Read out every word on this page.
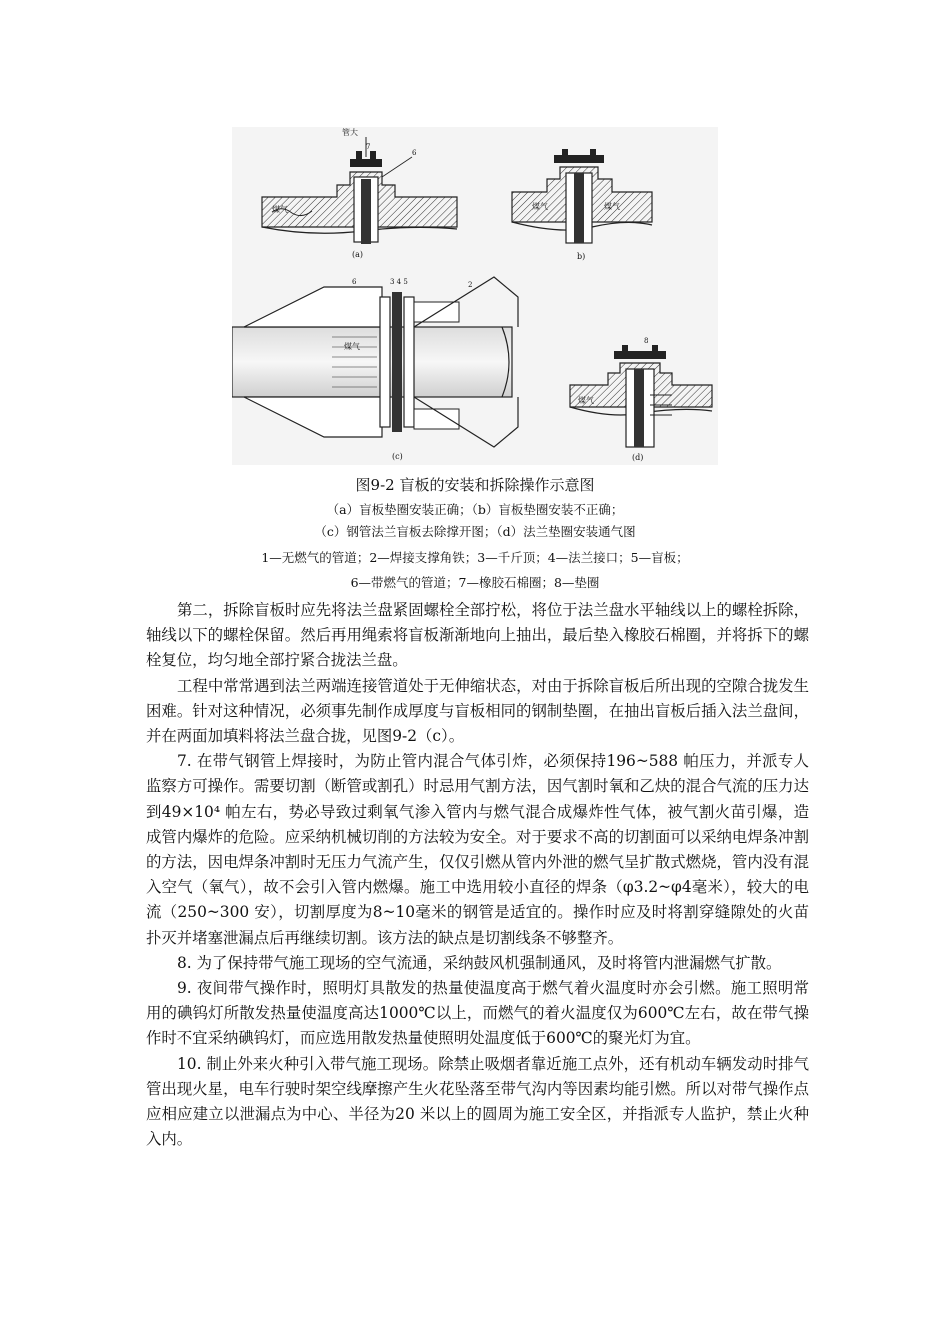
煤气
管大
7
6
(a)
煤气	煤气
b)
煤气
6	3 4 5	2
(c)
煤气
8
(d)
图9-2 盲板的安装和拆除操作示意图
（a）盲板垫圈安装正确；（b）盲板垫圈安装不正确；
（c）钢管法兰盲板去除撑开图；（d）法兰垫圈安装通气图
1—无燃气的管道；2—焊接支撑角铁；3—千斤顶；4—法兰接口；5—盲板；
6—带燃气的管道；7—橡胶石棉圈；8—垫圈

第二，拆除盲板时应先将法兰盘紧固螺栓全部拧松，将位于法兰盘水平轴线以上的螺栓拆除，轴线以下的螺栓保留。然后再用绳索将盲板渐渐地向上抽出，最后垫入橡胶石棉圈，并将拆下的螺栓复位，均匀地全部拧紧合拢法兰盘。

工程中常常遇到法兰两端连接管道处于无伸缩状态，对由于拆除盲板后所出现的空隙合拢发生困难。针对这种情况，必须事先制作成厚度与盲板相同的钢制垫圈，在抽出盲板后插入法兰盘间，并在两面加填料将法兰盘合拢，见图9-2（c）。

7. 在带气钢管上焊接时，为防止管内混合气体引炸，必须保持196~588 帕压力，并派专人监察方可操作。需要切割（断管或割孔）时忌用气割方法，因气割时氧和乙炔的混合气流的压力达到49×10⁴ 帕左右，势必导致过剩氧气渗入管内与燃气混合成爆炸性气体，被气割火苗引爆，造成管内爆炸的危险。应采纳机械切削的方法较为安全。对于要求不高的切割面可以采纳电焊条冲割的方法，因电焊条冲割时无压力气流产生，仅仅引燃从管内外泄的燃气呈扩散式燃烧，管内没有混入空气（氧气），故不会引入管内燃爆。施工中选用较小直径的焊条（φ3.2~φ4毫米），较大的电流（250~300 安），切割厚度为8~10毫米的钢管是适宜的。操作时应及时将割穿缝隙处的火苗扑灭并堵塞泄漏点后再继续切割。该方法的缺点是切割线条不够整齐。

8. 为了保持带气施工现场的空气流通，采纳鼓风机强制通风，及时将管内泄漏燃气扩散。

9. 夜间带气操作时，照明灯具散发的热量使温度高于燃气着火温度时亦会引燃。施工照明常用的碘钨灯所散发热量使温度高达1000℃以上，而燃气的着火温度仅为600℃左右，故在带气操作时不宜采纳碘钨灯，而应选用散发热量使照明处温度低于600℃的聚光灯为宜。

10. 制止外来火种引入带气施工现场。除禁止吸烟者靠近施工点外，还有机动车辆发动时排气管出现火星，电车行驶时架空线摩擦产生火花坠落至带气沟内等因素均能引燃。所以对带气操作点应相应建立以泄漏点为中心、半径为20 米以上的圆周为施工安全区，并指派专人监护，禁止火种入内。
